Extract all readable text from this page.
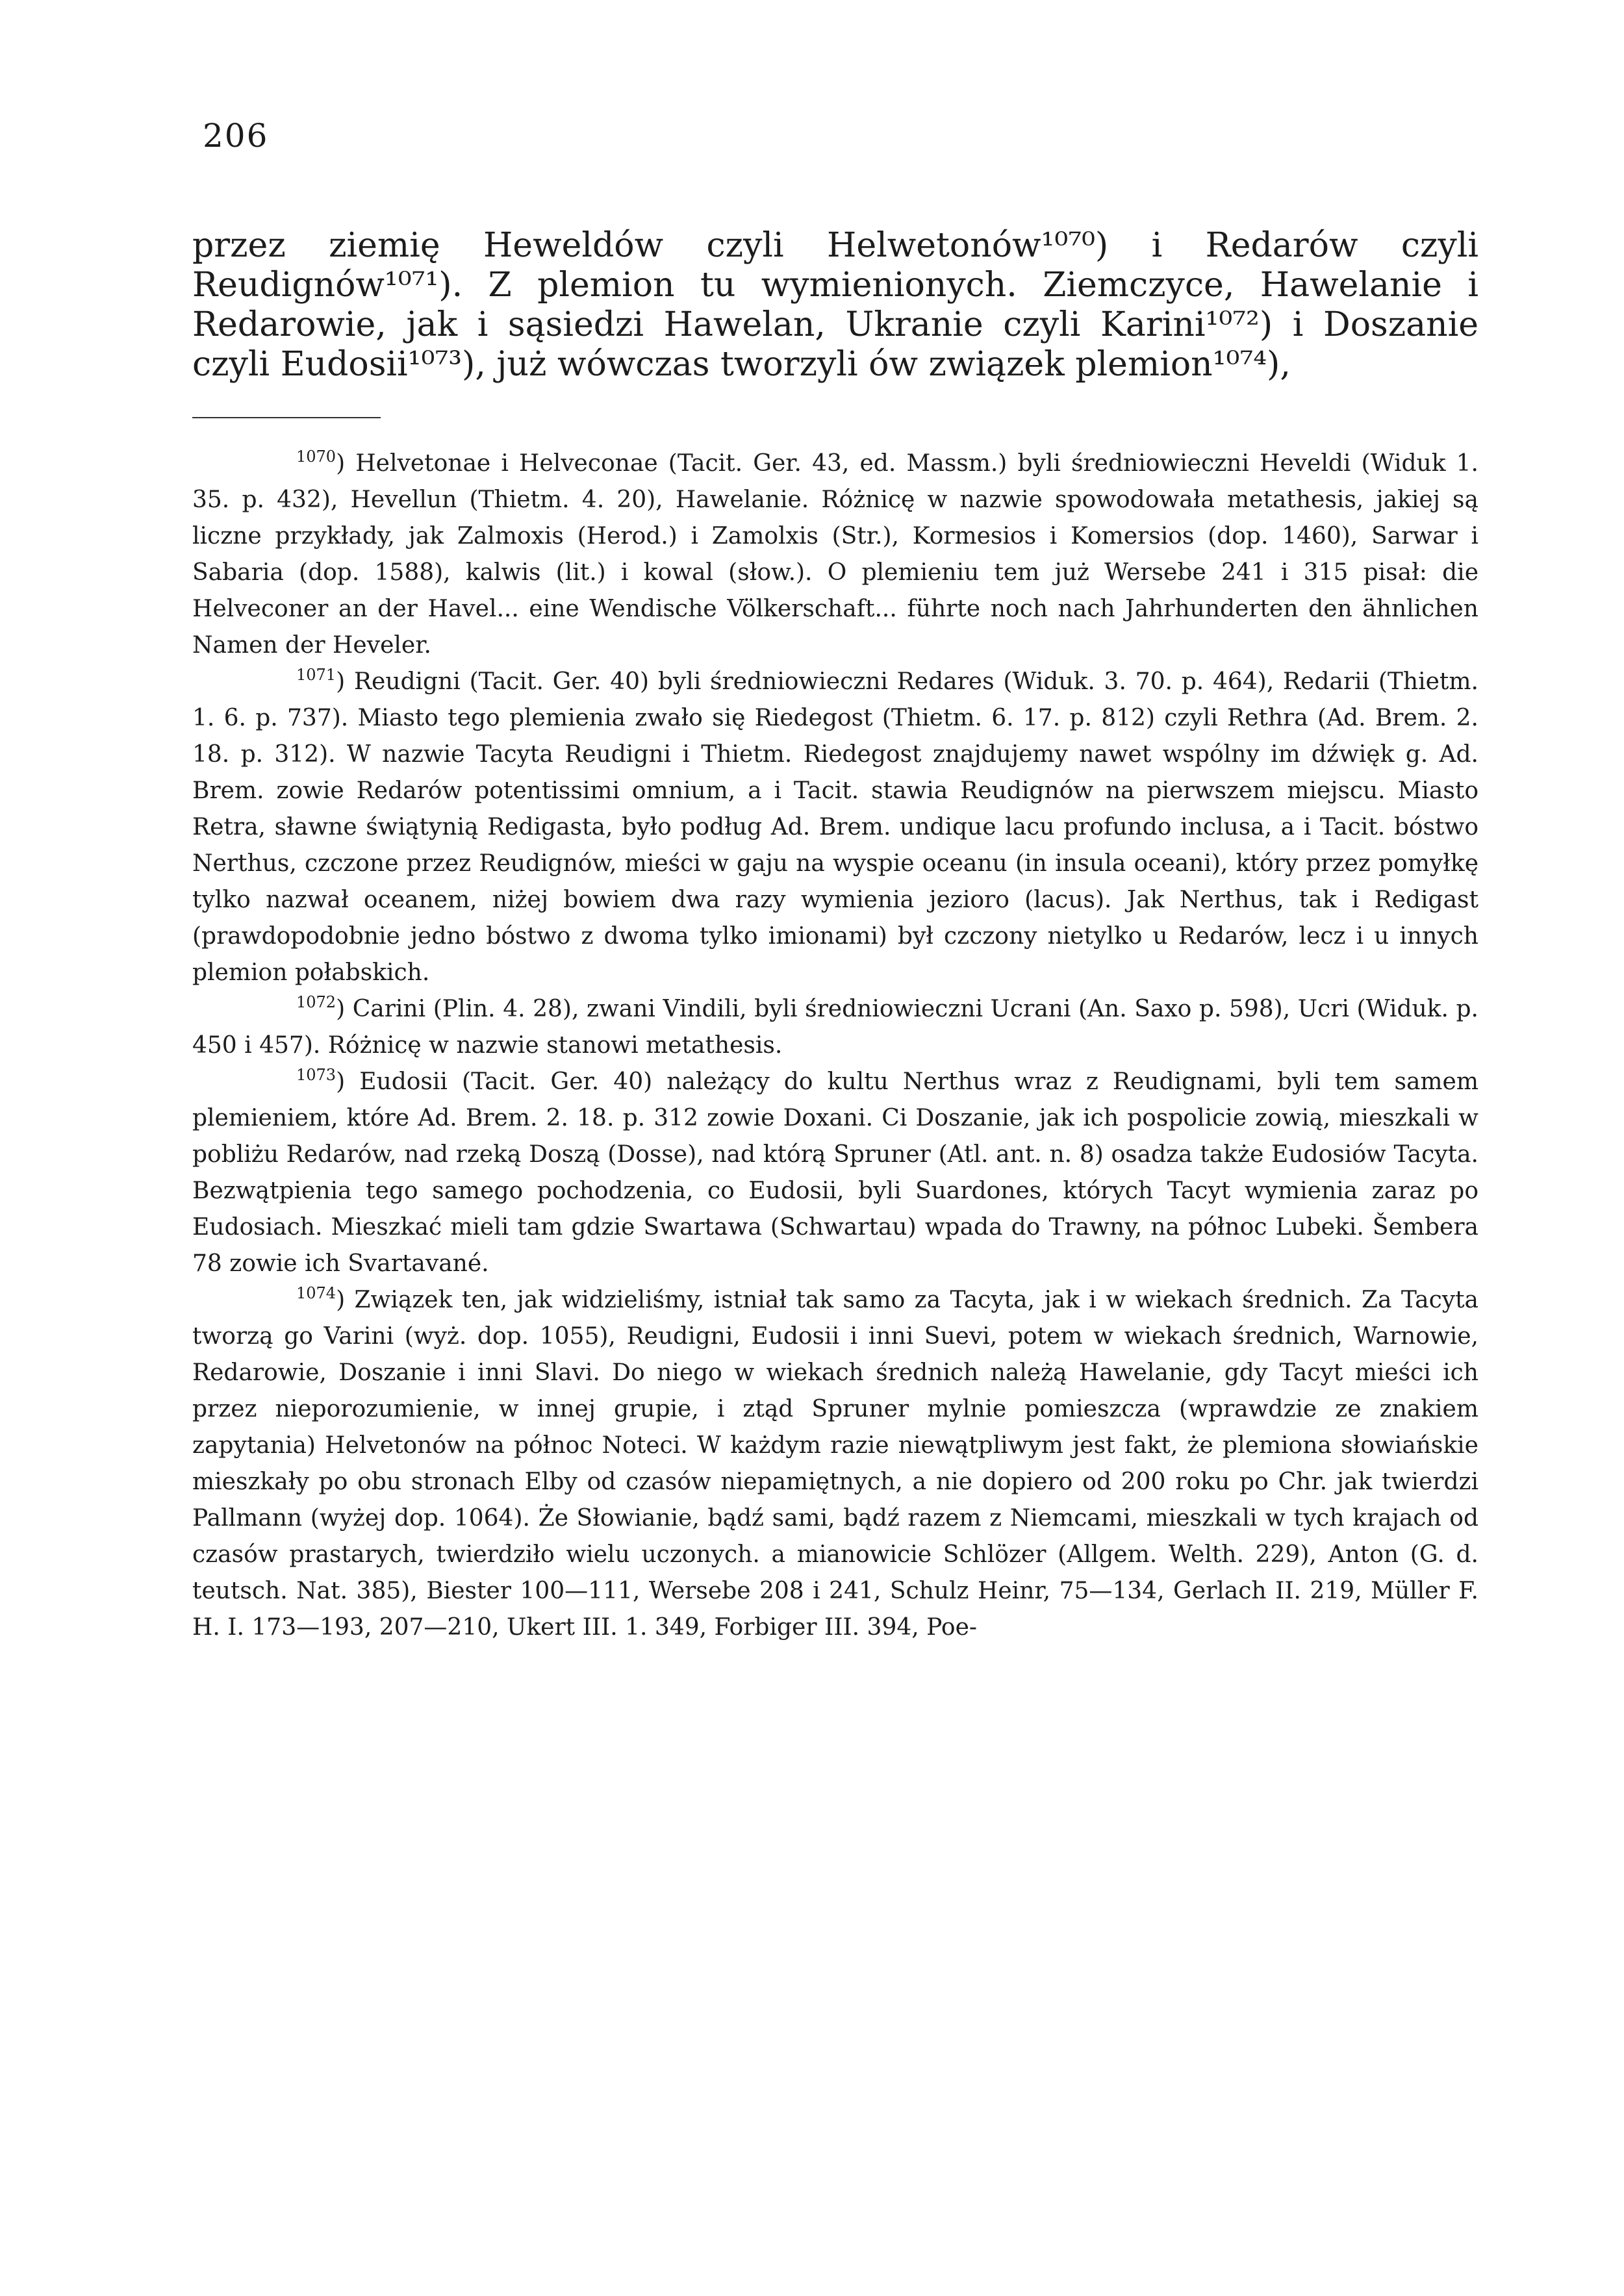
206

przez ziemię Heweldów czyli Helwetonów¹⁰⁷⁰) i Redarów czyli Reudignów¹⁰⁷¹). Z plemion tu wymienionych. Ziemczyce, Hawelanie i Redarowie, jak i sąsiedzi Hawelan, Ukranie czyli Karini¹⁰⁷²) i Doszanie czyli Eudosii¹⁰⁷³), już wówczas tworzyli ów związek plemion¹⁰⁷⁴),

$^{1070}$) Helvetonae i Helveconae (Tacit. Ger. 43, ed. Massm.) byli średniowieczni Heveldi (Widuk 1. 35. p. 432), Hevellun (Thietm. 4. 20), Hawelanie. Różnicę w nazwie spowodowała metathesis, jakiej są liczne przykłady, jak Zalmoxis (Herod.) i Zamolxis (Str.), Kormesios i Komersios (dop. 1460), Sarwar i Sabaria (dop. 1588), kalwis (lit.) i kowal (słow.). O plemieniu tem już Wersebe 241 i 315 pisał: die Helveconer an der Havel... eine Wendische Völkerschaft... führte noch nach Jahrhunderten den ähnlichen Namen der Heveler.

$^{1071}$) Reudigni (Tacit. Ger. 40) byli średniowieczni Redares (Widuk. 3. 70. p. 464), Redarii (Thietm. 1. 6. p. 737). Miasto tego plemienia zwało się Riedegost (Thietm. 6. 17. p. 812) czyli Rethra (Ad. Brem. 2. 18. p. 312). W nazwie Tacyta Reudigni i Thietm. Riedegost znajdujemy nawet wspólny im dźwięk g. Ad. Brem. zowie Redarów potentissimi omnium, a i Tacit. stawia Reudignów na pierwszem miejscu. Miasto Retra, sławne świątynią Redigasta, było podług Ad. Brem. undique lacu profundo inclusa, a i Tacit. bóstwo Nerthus, czczone przez Reudignów, mieści w gaju na wyspie oceanu (in insula oceani), który przez pomyłkę tylko nazwał oceanem, niżej bowiem dwa razy wymienia jezioro (lacus). Jak Nerthus, tak i Redigast (prawdopodobnie jedno bóstwo z dwoma tylko imionami) był czczony nietylko u Redarów, lecz i u innych plemion połabskich.

$^{1072}$) Carini (Plin. 4. 28), zwani Vindili, byli średniowieczni Ucrani (An. Saxo p. 598), Ucri (Widuk. p. 450 i 457). Różnicę w nazwie stanowi metathesis.

$^{1073}$) Eudosii (Tacit. Ger. 40) należący do kultu Nerthus wraz z Reudignami, byli tem samem plemieniem, które Ad. Brem. 2. 18. p. 312 zowie Doxani. Ci Doszanie, jak ich pospolicie zowią, mieszkali w pobliżu Redarów, nad rzeką Doszą (Dosse), nad którą Spruner (Atl. ant. n. 8) osadza także Eudosiów Tacyta. Bezwątpienia tego samego pochodzenia, co Eudosii, byli Suardones, których Tacyt wymienia zaraz po Eudosiach. Mieszkać mieli tam gdzie Swartawa (Schwartau) wpada do Trawny, na północ Lubeki. Šembera 78 zowie ich Svartavané.

$^{1074}$) Związek ten, jak widzieliśmy, istniał tak samo za Tacyta, jak i w wiekach średnich. Za Tacyta tworzą go Varini (wyż. dop. 1055), Reudigni, Eudosii i inni Suevi, potem w wiekach średnich, Warnowie, Redarowie, Doszanie i inni Slavi. Do niego w wiekach średnich należą Hawelanie, gdy Tacyt mieści ich przez nieporozumienie, w innej grupie, i ztąd Spruner mylnie pomieszcza (wprawdzie ze znakiem zapytania) Helvetonów na północ Noteci. W każdym razie niewątpliwym jest fakt, że plemiona słowiańskie mieszkały po obu stronach Elby od czasów niepamiętnych, a nie dopiero od 200 roku po Chr. jak twierdzi Pallmann (wyżej dop. 1064). Że Słowianie, bądź sami, bądź razem z Niemcami, mieszkali w tych krajach od czasów prastarych, twierdziło wielu uczonych. a mianowicie Schlözer (Allgem. Welth. 229), Anton (G. d. teutsch. Nat. 385), Biester 100—111, Wersebe 208 i 241, Schulz Heinr, 75—134, Gerlach II. 219, Müller F. H. I. 173—193, 207—210, Ukert III. 1. 349, Forbiger III. 394, Poe-
